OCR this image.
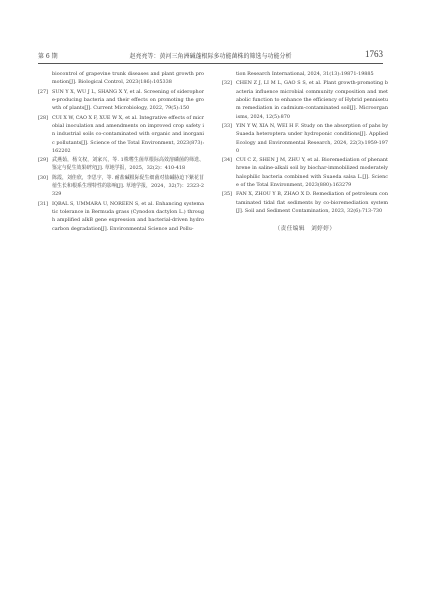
第 6 期	赵亮亮等：黄河三角洲碱蓬根际多功能菌株的筛选与功能分析	1763

biocontrol of grapevine trunk diseases and plant growth promotion[J]. Biological Control, 2023(186):105338

[27] SUN Y X, WU J L, SHANG X Y, et al. Screening of siderophore-producing bacteria and their effects on promoting the growth of plants[J]. Current Microbiology, 2022, 79(5):150

[28] CUI X W, CAO X F, XUE W X, et al. Integrative effects of microbial inoculation and amendments on improved crop safety in industrial soils co-contaminated with organic and inorganic pollutants[J]. Science of the Total Environment, 2023(873):162202

[29] 武燕茹，杨文权，刘家兴，等. 1株嗜生菌草根际高效溶磷菌的筛选、鉴定与促生效果研究[J]. 草地学报，2025，32(2)：410-418

[30] 陈霞，刘佳欣，李思宇，等. 耐盐碱根际促生细菌对盐碱胁迫下紫花苜蓿生长和根系生理特性的影响[J]. 草地学报，2024，32(7)：2323-2329

[31] IQBAL S, UMMARA U, NOREEN S, et al. Enhancing systematic tolerance in Bermuda grass (Cynodon dactylon L.) through amplified alkB gene expression and bacterial-driven hydrocarbon degradation[J]. Environmental Science and Pollu-

tion Research International, 2024, 31(13):19871-19885

[32] CHEN Z J, LI M L, GAO S S, et al. Plant growth-promoting bacteria influence microbial community composition and metabolic function to enhance the efficiency of Hybrid pennisetum remediation in cadmium-contaminated soil[J]. Microorganisms, 2024, 12(5):870

[33] YIN Y W, XIA N, WEI H F. Study on the absorption of pahs by Suaeda heteroptera under hydroponic conditions[J]. Applied Ecology and Environmental Research, 2024, 22(3):1959-1970

[34] CUI C Z, SHEN J M, ZHU Y, et al. Bioremediation of phenanthrene in saline-alkali soil by biochar-immobilized moderately halophilic bacteria combined with Suaeda salsa L.[J]. Science of the Total Environment, 2023(880):163279

[35] FAN X, ZHOU Y B, ZHAO X D. Remediation of petroleum contaminated tidal flat sediments by co-bioremediation system[J]. Soil and Sediment Contamination, 2023, 32(6):713-730

（责任编辑　刘婷婷）
